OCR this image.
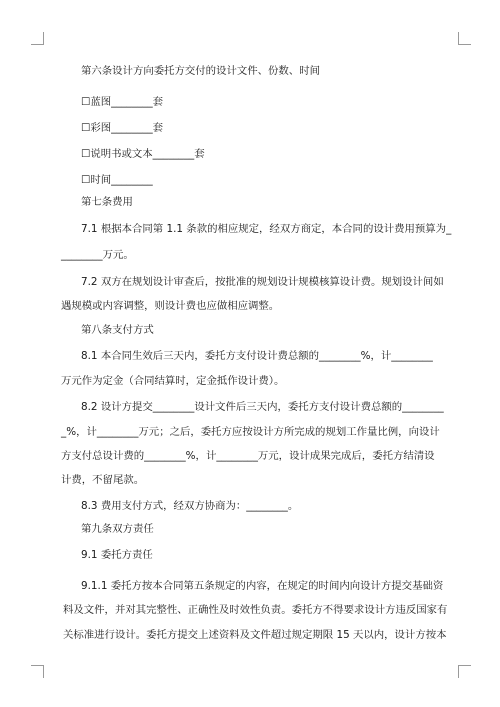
第六条设计方向委托方交付的设计文件、份数、时间
☐蓝图________套
☐彩图________套
☐说明书或文本________套
☐时间________
第七条费用
7.1 根据本合同第 1.1 条款的相应规定，经双方商定，本合同的设计费用预算为_
________万元。
7.2 双方在规划设计审查后，按批准的规划设计规模核算设计费。规划设计间如
遇规模或内容调整，则设计费也应做相应调整。
第八条支付方式
8.1 本合同生效后三天内，委托方支付设计费总额的________%，计________
万元作为定金（合同结算时，定金抵作设计费）。
8.2 设计方提交________设计文件后三天内，委托方支付设计费总额的________
_%，计________万元；之后，委托方应按设计方所完成的规划工作量比例，向设计
方支付总设计费的________%，计________万元，设计成果完成后，委托方结清设
计费，不留尾款。
8.3 费用支付方式，经双方协商为：________。
第九条双方责任
9.1 委托方责任
9.1.1 委托方按本合同第五条规定的内容，在规定的时间内向设计方提交基础资
料及文件，并对其完整性、正确性及时效性负责。委托方不得要求设计方违反国家有
关标准进行设计。委托方提交上述资料及文件超过规定期限 15 天以内，设计方按本
